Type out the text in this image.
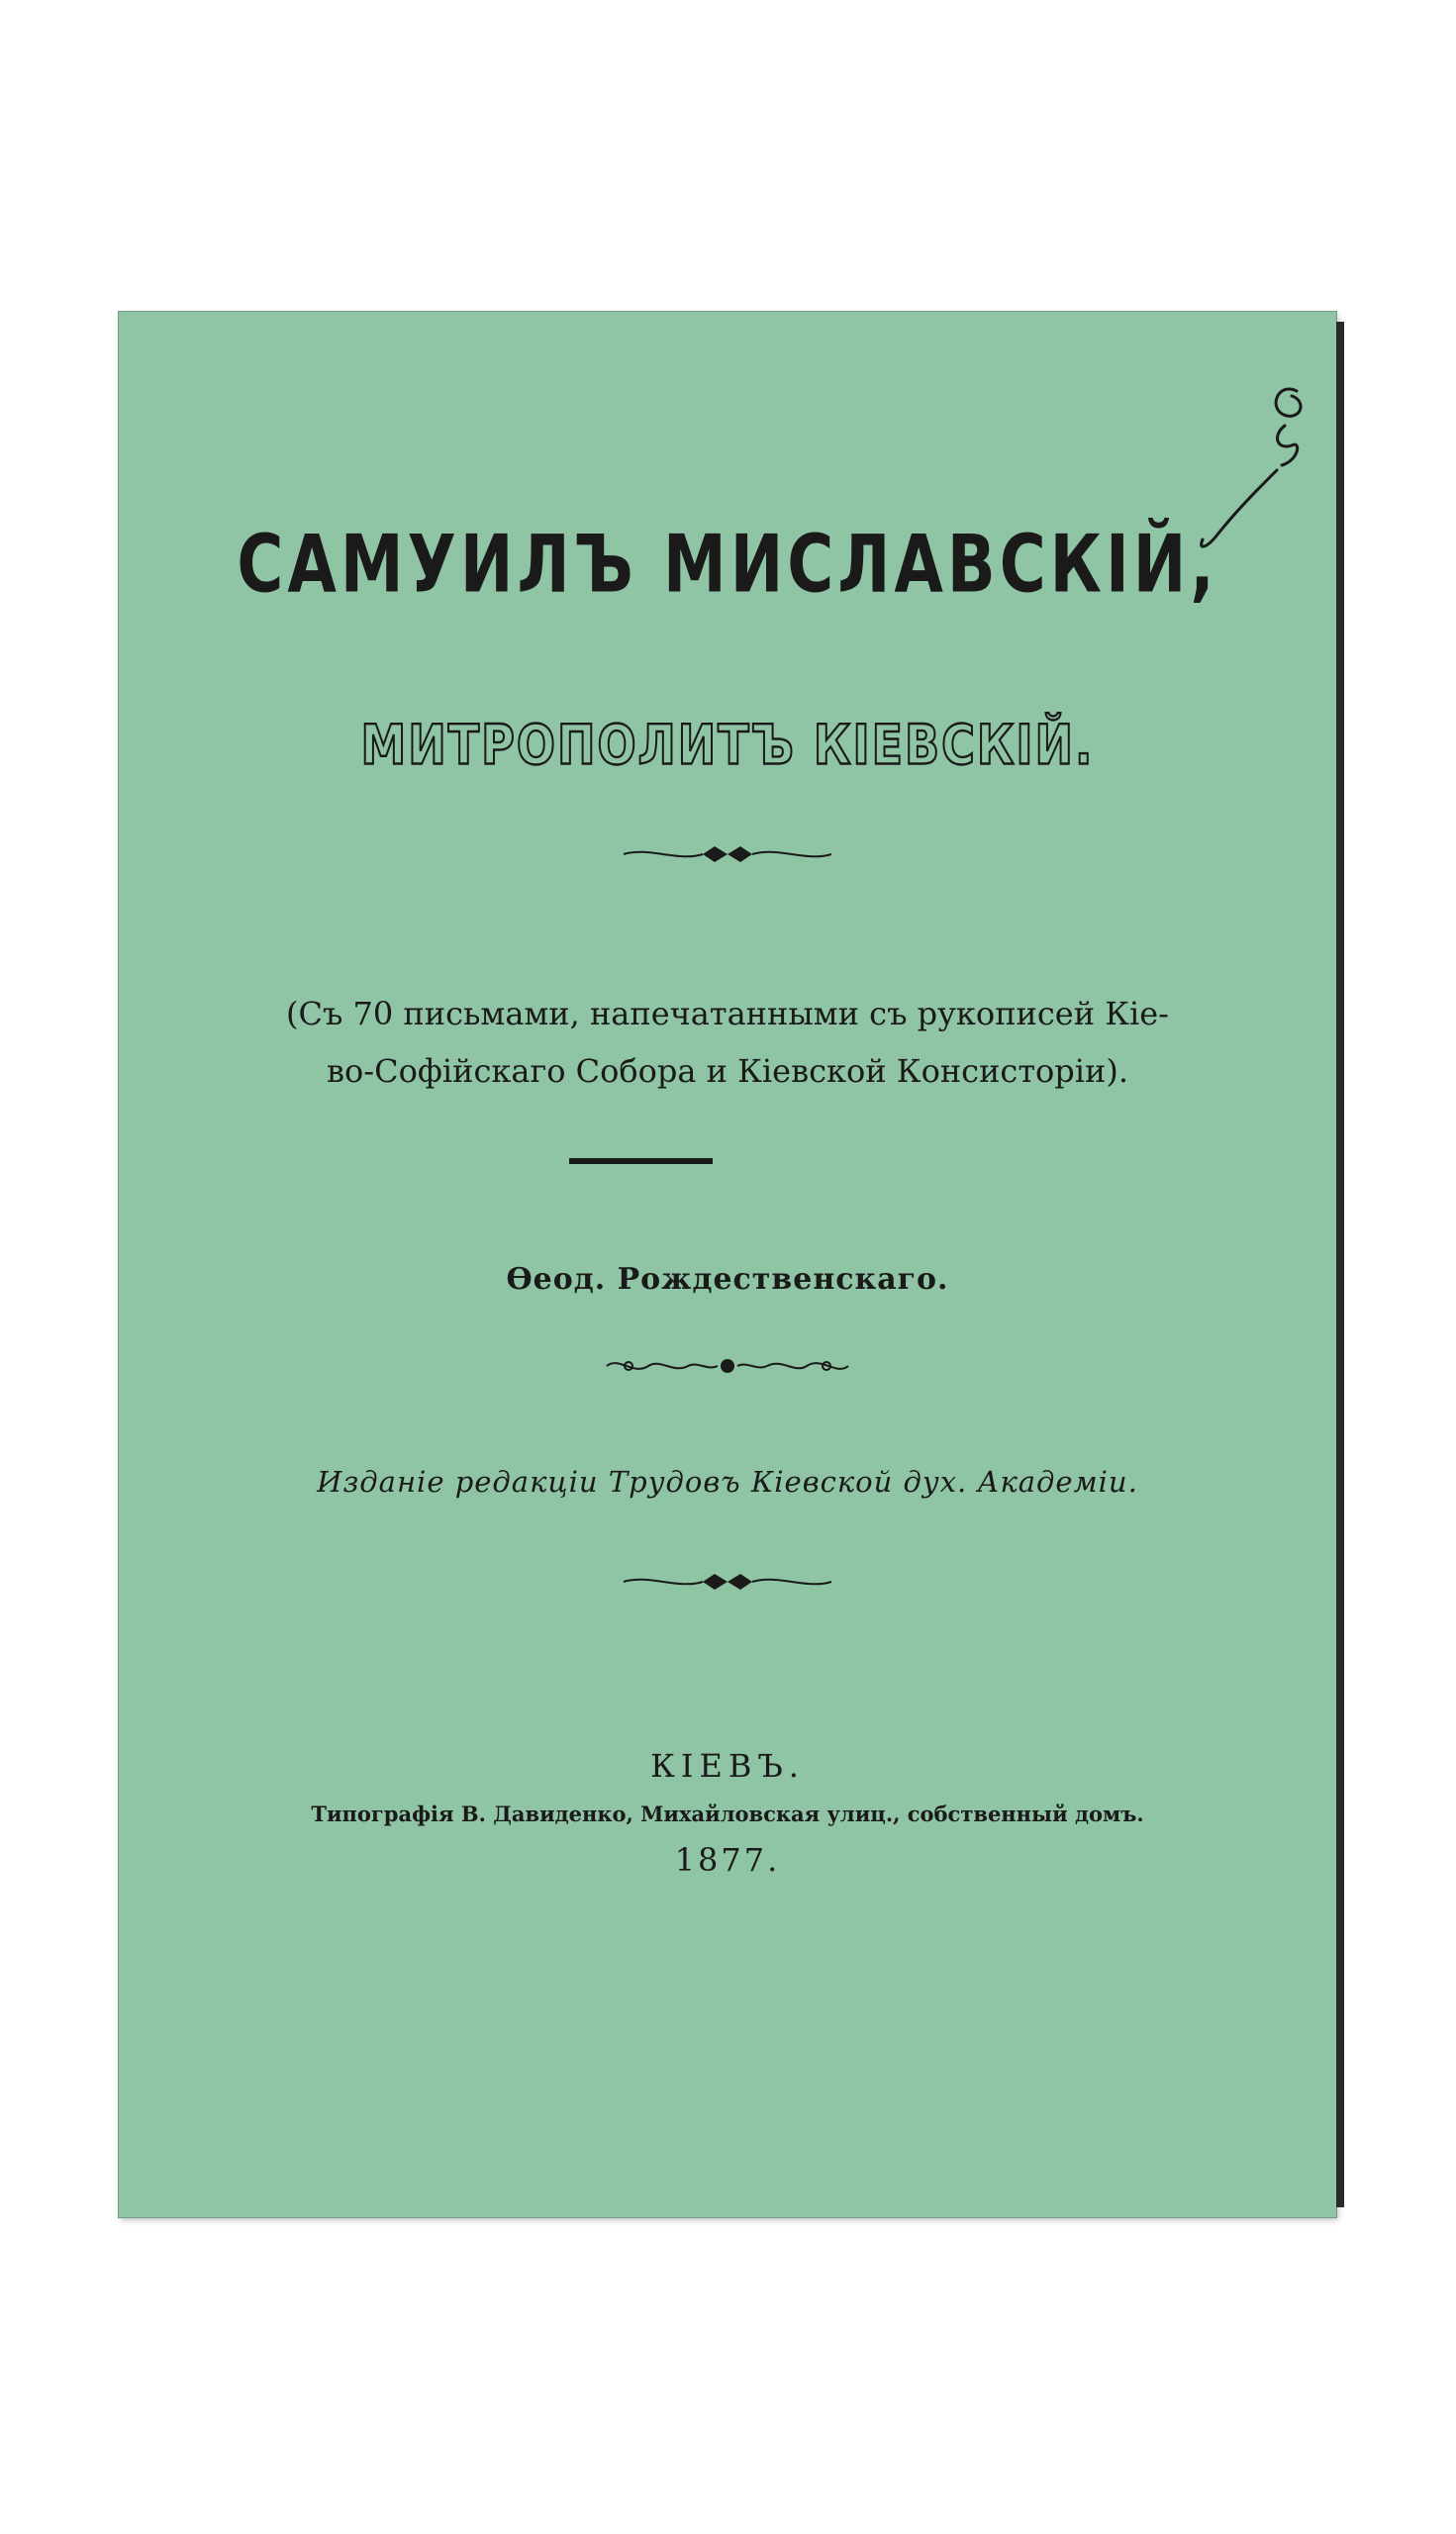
САМУИЛЪ МИСЛАВСКІЙ,
МИТРОПОЛИТЪ КІЕВСКІЙ.
(Съ 70 письмами, напечатанными съ рукописей Кіе-
во-Софійскаго Собора и Кіевской Консисторіи).
Ѳеод. Рождественскаго.
Изданіе редакціи Трудовъ Кіевской дух. Академіи.
КІЕВЪ.
Типографія В. Давиденко, Михайловская улиц., собственный домъ.
1877.
